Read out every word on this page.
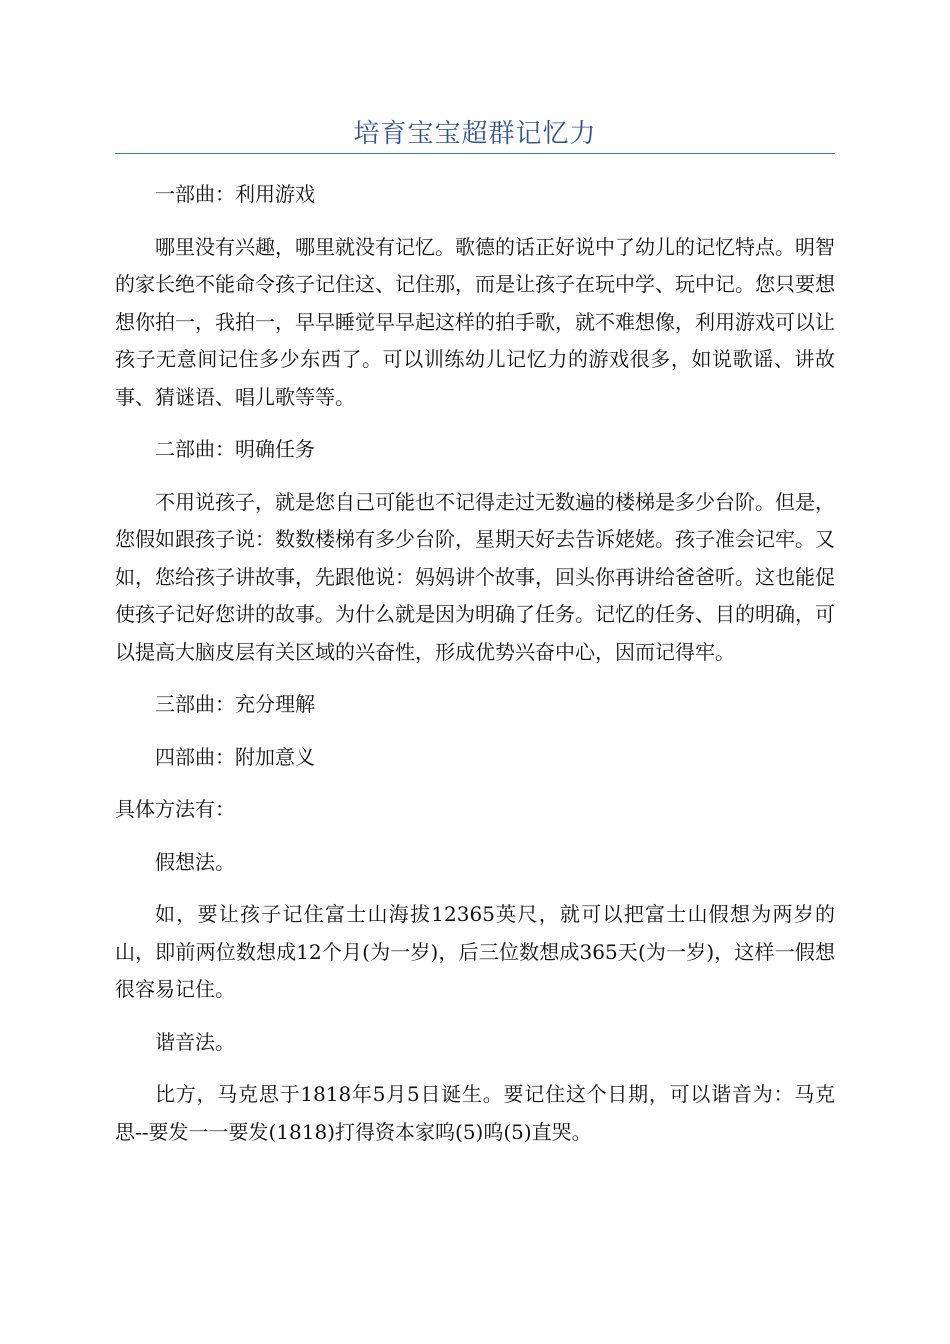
培育宝宝超群记忆力

一部曲：利用游戏

哪里没有兴趣，哪里就没有记忆。歌德的话正好说中了幼儿的记忆特点。明智的家长绝不能命令孩子记住这、记住那，而是让孩子在玩中学、玩中记。您只要想想你拍一，我拍一，早早睡觉早早起这样的拍手歌，就不难想像，利用游戏可以让孩子无意间记住多少东西了。可以训练幼儿记忆力的游戏很多，如说歌谣、讲故事、猜谜语、唱儿歌等等。

二部曲：明确任务

不用说孩子，就是您自己可能也不记得走过无数遍的楼梯是多少台阶。但是，您假如跟孩子说：数数楼梯有多少台阶，星期天好去告诉姥姥。孩子准会记牢。又如，您给孩子讲故事，先跟他说：妈妈讲个故事，回头你再讲给爸爸听。这也能促使孩子记好您讲的故事。为什么就是因为明确了任务。记忆的任务、目的明确，可以提高大脑皮层有关区域的兴奋性，形成优势兴奋中心，因而记得牢。

三部曲：充分理解

四部曲：附加意义

具体方法有：

假想法。

如，要让孩子记住富士山海拔12365英尺，就可以把富士山假想为两岁的山，即前两位数想成12个月(为一岁)，后三位数想成365天(为一岁)，这样一假想很容易记住。

谐音法。

比方，马克思于1818年5月5日诞生。要记住这个日期，可以谐音为：马克思--要发一一要发(1818)打得资本家呜(5)呜(5)直哭。
